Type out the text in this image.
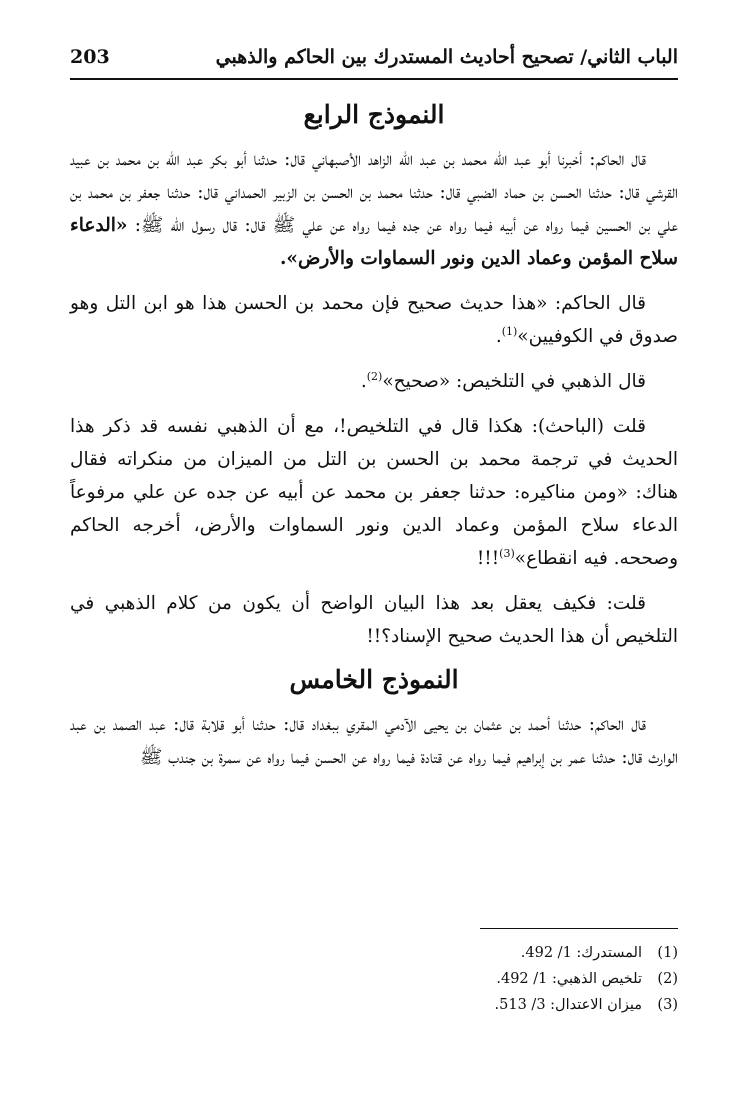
الباب الثاني/ تصحيح أحاديث المستدرك بين الحاكم والذهبي
203
النموذج الرابع

قال الحاكم: أخبرنا أبو عبد الله محمد بن عبد الله الزاهد الأصبهاني قال: حدثنا أبو بكر عبد الله بن محمد بن عبيد القرشي قال: حدثنا الحسن بن حماد الضبي قال: حدثنا محمد بن الحسن بن الزبير الحمداني قال: حدثنا جعفر بن محمد بن علي بن الحسين فيما رواه عن أبيه فيما رواه عن جده فيما رواه عن علي ﷺ قال: قال رسول الله ﷺ: «الدعاء سلاح المؤمن وعماد الدين ونور السماوات والأرض».

قال الحاكم: «هذا حديث صحيح فإن محمد بن الحسن هذا هو ابن التل وهو صدوق في الكوفيين»$^{(1)}$.

قال الذهبي في التلخيص: «صحيح»$^{(2)}$.

قلت (الباحث): هكذا قال في التلخيص!، مع أن الذهبي نفسه قد ذكر هذا الحديث في ترجمة محمد بن الحسن بن التل من الميزان من منكراته فقال هناك: «ومن مناكيره: حدثنا جعفر بن محمد عن أبيه عن جده عن علي مرفوعاً الدعاء سلاح المؤمن وعماد الدين ونور السماوات والأرض، أخرجه الحاكم وصححه. فيه انقطاع»$^{(3)}$!!!

قلت: فكيف يعقل بعد هذا البيان الواضح أن يكون من كلام الذهبي في التلخيص أن هذا الحديث صحيح الإسناد؟!!

النموذج الخامس

قال الحاكم: حدثنا أحمد بن عثمان بن يحيى الآدمي المقري ببغداد قال: حدثنا أبو قلابة قال: عبد الصمد بن عبد الوارث قال: حدثنا عمر بن إبراهيم فيما رواه عن قتادة فيما رواه عن الحسن فيما رواه عن سمرة بن جندب ﷺ

(1)المستدرك: 1/ 492.
(2)تلخيص الذهبي: 1/ 492.
(3)ميزان الاعتدال: 3/ 513.
